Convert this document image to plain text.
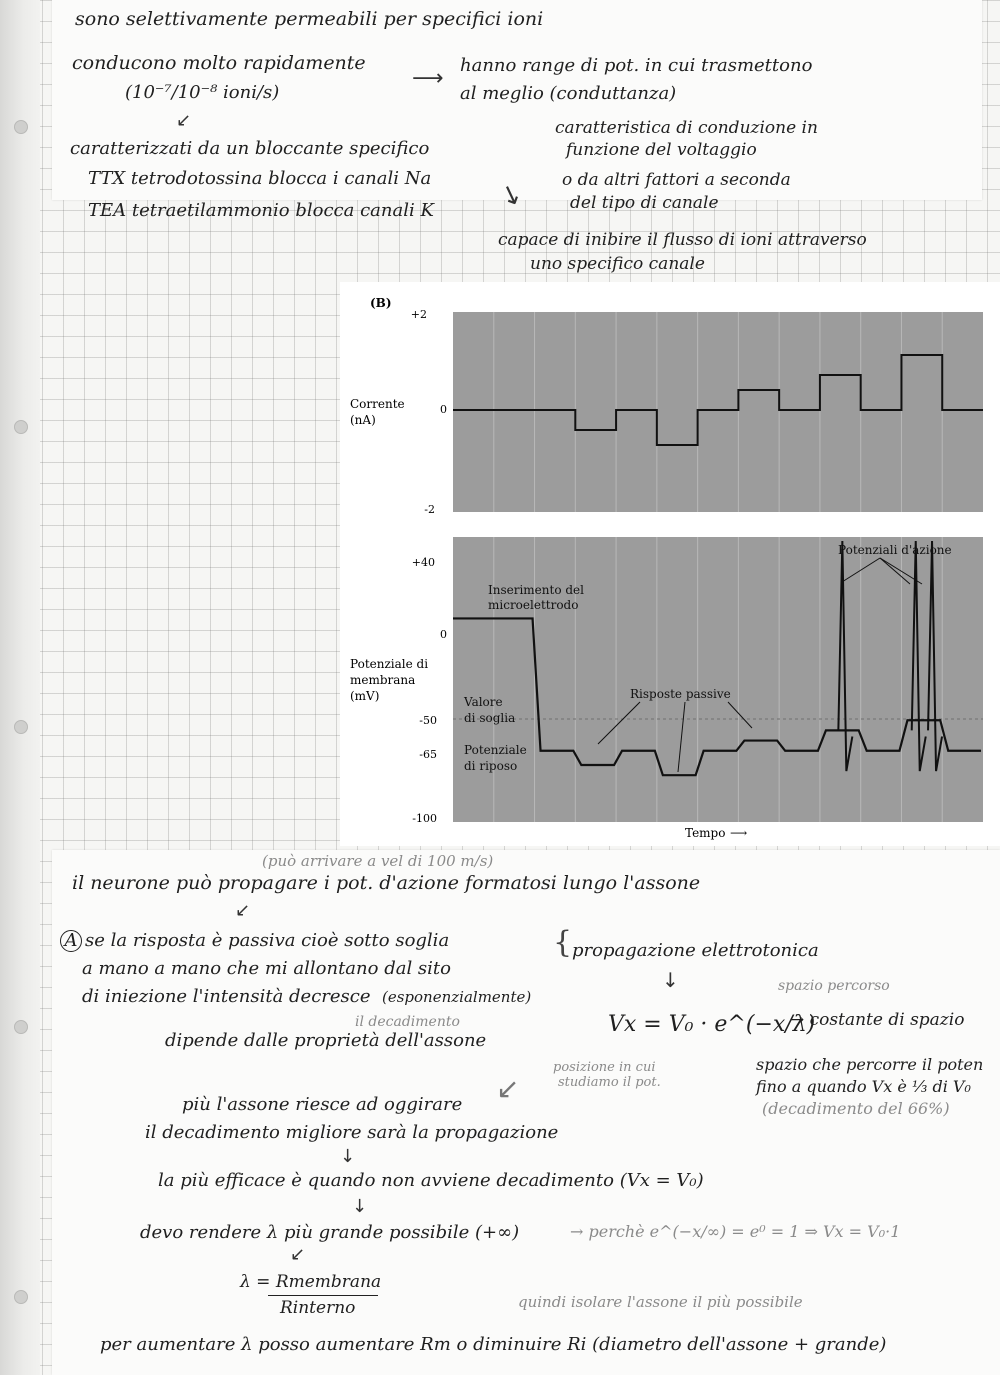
sono selettivamente permeabili per specifici ioni
conducono molto rapidamente
(10⁻⁷/10⁻⁸ ioni/s)
⟶
hanno range di pot. in cui trasmettono
al meglio (conduttanza)
↙	caratteristica di conduzione in
funzione del voltaggio
o da altri fattori a seconda
del tipo di canale
caratterizzati da un bloccante specifico
TTX tetrodotossina blocca i canali Na
TEA tetraetilammonio blocca canali K ↘
capace di inibire il flusso di ioni attraverso
uno specifico canale
(B)
+2
0
-2
Corrente
(nA)
+40
0
-50
-65
-100
Potenziale di
membrana
(mV)
Inserimento del
microelettrodo
Valore
di soglia
Potenziale
di riposo
Risposte passive
Potenziali d'azione
Tempo ⟶
(può arrivare a vel di 100 m/s)
il neurone può propagare i pot. d'azione formatosi lungo l'assone
↙
A se la risposta è passiva cioè sotto soglia
a mano a mano che mi allontano dal sito
di iniezione l'intensità decresce (esponenzialmente)
il decadimento
dipende dalle proprietà dell'assone
{ propagazione elettrotonica
↓	spazio percorso
Vx = V₀ · e^(−x/λ)
→ costante di spazio
posizione in cui
studiamo il pot.
spazio che percorre il poten
fino a quando Vx è ⅓ di V₀
(decadimento del 66%)
↙
più l'assone riesce ad oggirare
il decadimento migliore sarà la propagazione
↓
la più efficace è quando non avviene decadimento (Vx = V₀)
↓
devo rendere λ più grande possibile (+∞)	→ perchè e^(−x/∞) = e⁰ = 1 ⇒ Vx = V₀·1
↙
λ = Rmembrana
Rinterno	quindi isolare l'assone il più possibile
per aumentare λ posso aumentare Rm o diminuire Ri (diametro dell'assone + grande)
